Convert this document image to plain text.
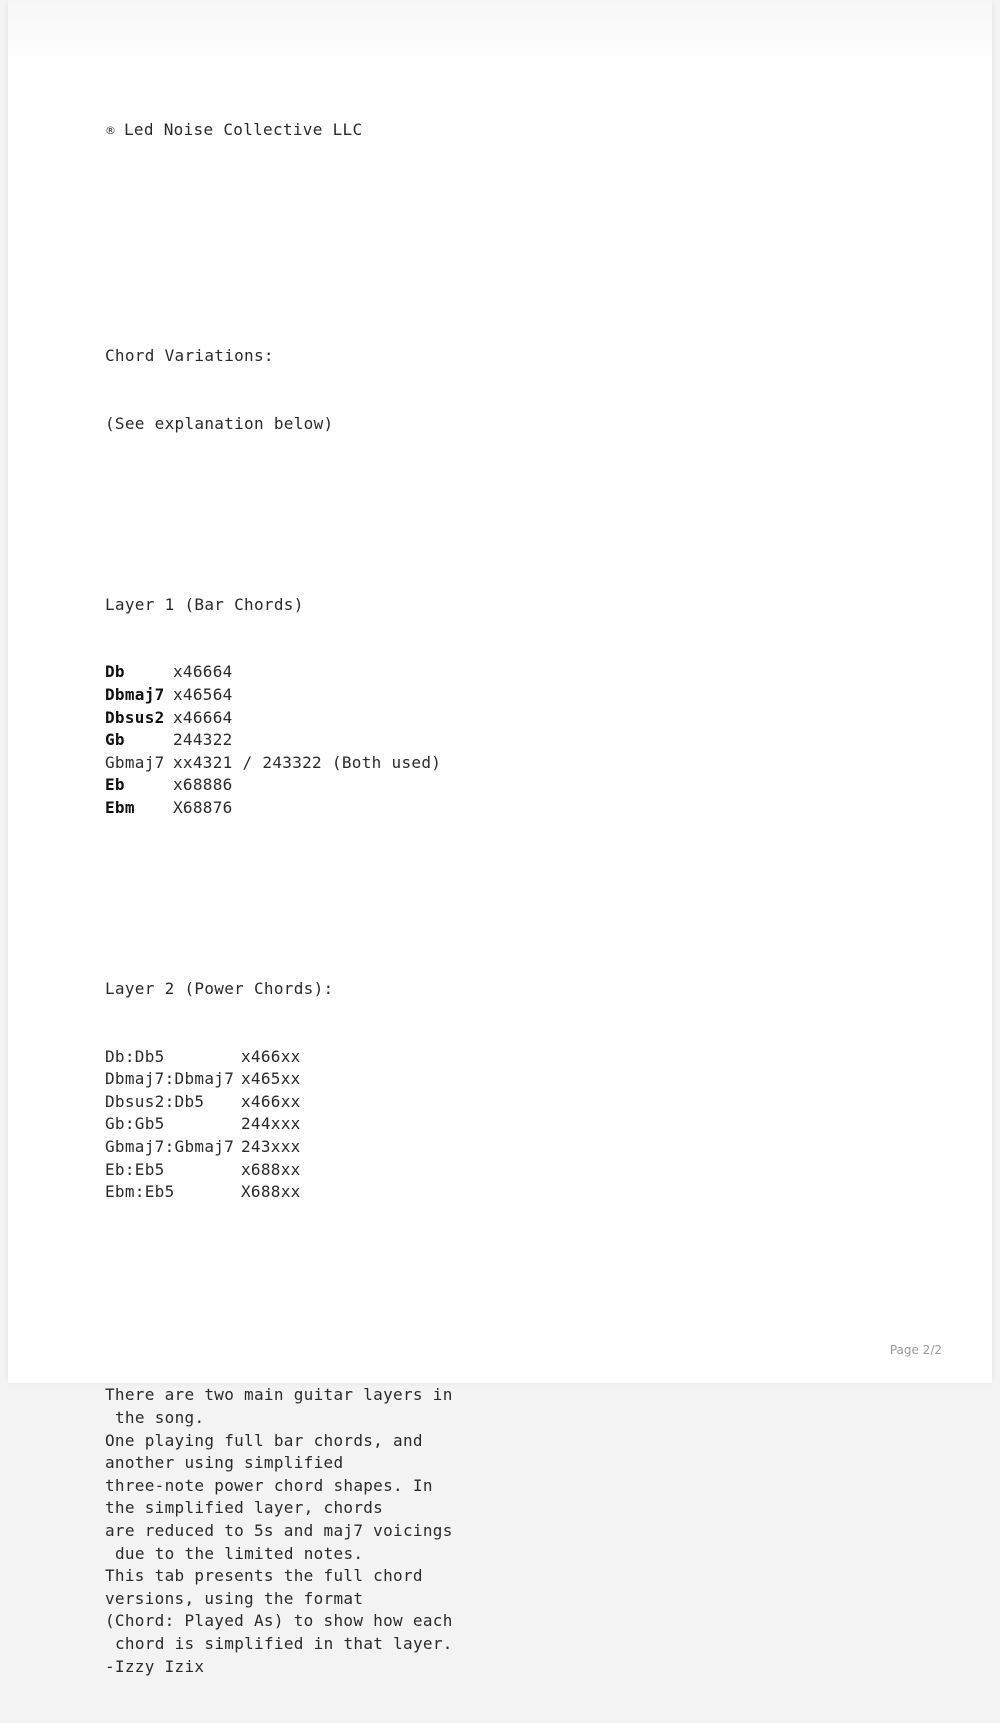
® Led Noise Collective LLC

Chord Variations:

(See explanation below)

Layer 1 (Bar Chords)

Db	x46664
Dbmaj7 x46564
Dbsus2 x46664
Gb	244322
Gbmaj7 xx4321 / 243322 (Both used)
Eb	x68886
Ebm X68876

Layer 2 (Power Chords):

Db:Db5	x466xx
Dbmaj7:Dbmaj7 x465xx
Dbsus2:Db5 x466xx
Gb:Gb5	244xxx
Gbmaj7:Gbmaj7 243xxx
Eb:Eb5	x688xx
Ebm:Eb5	X688xx

There are two main guitar layers in
the song.
One playing full bar chords, and
another using simplified
three-note power chord shapes. In
the simplified layer, chords
are reduced to 5s and maj7 voicings
due to the limited notes.
This tab presents the full chord
versions, using the format
(Chord: Played As) to show how each
chord is simplified in that layer.
-Izzy Izix

Page 2/2
